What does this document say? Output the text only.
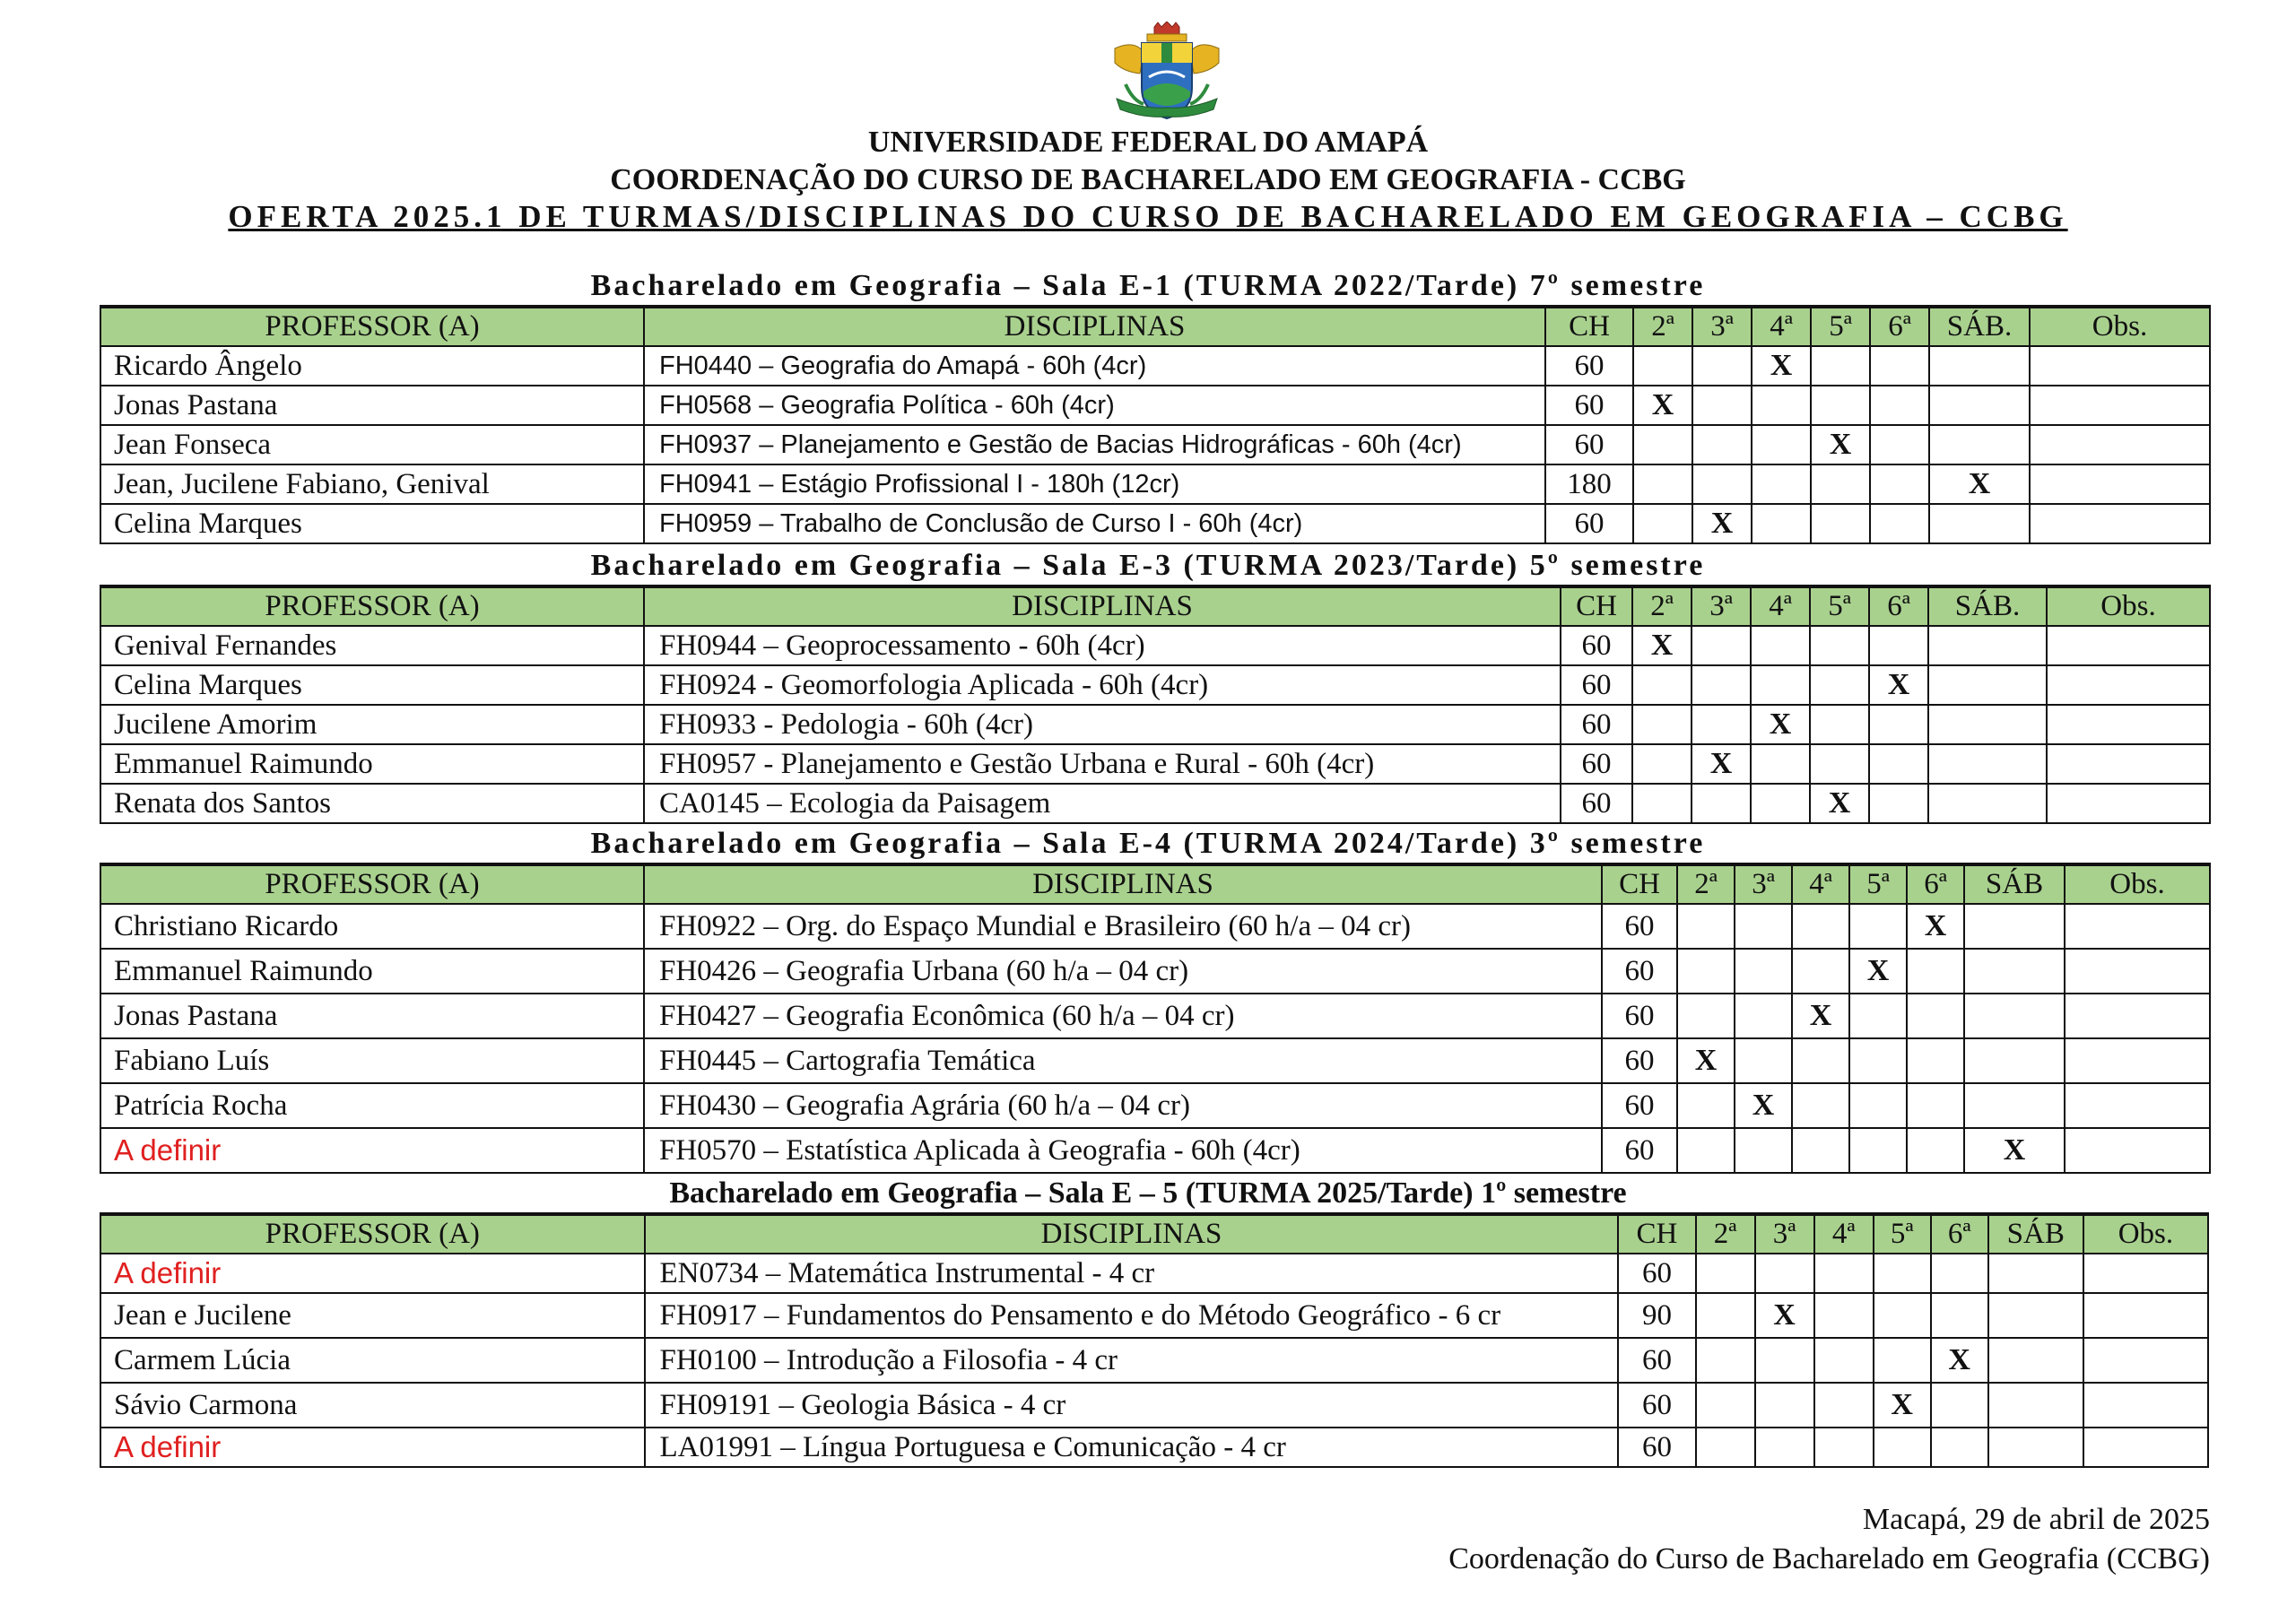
UNIVERSIDADE FEDERAL DO AMAPÁ
COORDENAÇÃO DO CURSO DE BACHARELADO EM GEOGRAFIA - CCBG
OFERTA 2025.1 DE TURMAS/DISCIPLINAS DO CURSO DE BACHARELADO EM GEOGRAFIA – CCBG
Bacharelado em Geografia – Sala E-1 (TURMA 2022/Tarde) 7º semestre
PROFESSOR (A)	DISCIPLINAS	CH	2ª	3ª	4ª	5ª	6ª	SÁB.	Obs.
Ricardo Ângelo	FH0440 – Geografia do Amapá - 60h (4cr)	60			X				
Jonas Pastana	FH0568 – Geografia Política - 60h (4cr)	60	X						
Jean Fonseca	FH0937 – Planejamento e Gestão de Bacias Hidrográficas - 60h (4cr)	60				X			
Jean, Jucilene Fabiano, Genival	FH0941 – Estágio Profissional I - 180h (12cr)	180						X	
Celina Marques	FH0959 – Trabalho de Conclusão de Curso I - 60h (4cr)	60		X					
Bacharelado em Geografia – Sala E-3 (TURMA 2023/Tarde) 5º semestre
PROFESSOR (A)	DISCIPLINAS	CH	2ª	3ª	4ª	5ª	6ª	SÁB.	Obs.
Genival Fernandes	FH0944 – Geoprocessamento - 60h (4cr)	60	X						
Celina Marques	FH0924 - Geomorfologia Aplicada - 60h (4cr)	60					X		
Jucilene Amorim	FH0933 - Pedologia - 60h (4cr)	60			X				
Emmanuel Raimundo	FH0957 - Planejamento e Gestão Urbana e Rural - 60h (4cr)	60		X					
Renata dos Santos	CA0145 – Ecologia da Paisagem	60				X			
Bacharelado em Geografia – Sala E-4 (TURMA 2024/Tarde) 3º semestre
PROFESSOR (A)	DISCIPLINAS	CH	2ª	3ª	4ª	5ª	6ª	SÁB	Obs.
Christiano Ricardo	FH0922 – Org. do Espaço Mundial e Brasileiro (60 h/a – 04 cr)	60					X		
Emmanuel Raimundo	FH0426 – Geografia Urbana (60 h/a – 04 cr)	60				X			
Jonas Pastana	FH0427 – Geografia Econômica (60 h/a – 04 cr)	60			X				
Fabiano Luís	FH0445 – Cartografia Temática	60	X						
Patrícia Rocha	FH0430 – Geografia Agrária (60 h/a – 04 cr)	60		X					
A definir	FH0570 – Estatística Aplicada à Geografia - 60h (4cr)	60						X	
Bacharelado em Geografia – Sala E – 5 (TURMA 2025/Tarde) 1º semestre
PROFESSOR (A)	DISCIPLINAS	CH	2ª	3ª	4ª	5ª	6ª	SÁB	Obs.
A definir	EN0734 – Matemática Instrumental - 4 cr	60							
Jean e Jucilene	FH0917 – Fundamentos do Pensamento e do Método Geográfico - 6 cr	90		X					
Carmem Lúcia	FH0100 – Introdução a Filosofia - 4 cr	60					X		
Sávio Carmona	FH09191 – Geologia Básica - 4 cr	60				X			
A definir	LA01991 – Língua Portuguesa e Comunicação - 4 cr	60							
Macapá, 29 de abril de 2025
Coordenação do Curso de Bacharelado em Geografia (CCBG)
